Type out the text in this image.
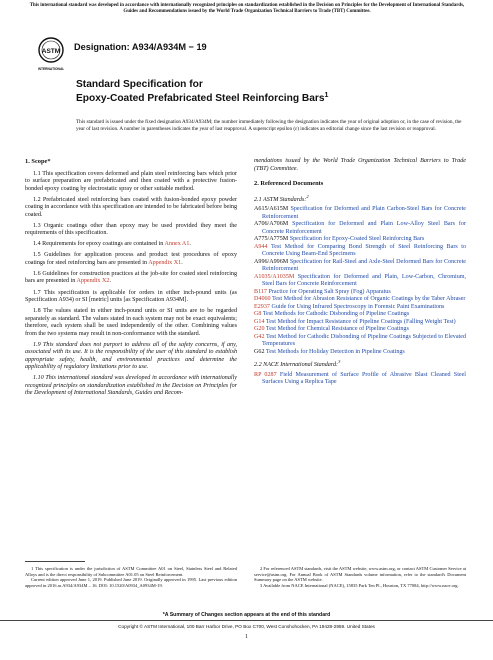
This international standard was developed in accordance with internationally recognized principles on standardization established in the Decision on Principles for the Development of International Standards, Guides and Recommendations issued by the World Trade Organization Technical Barriers to Trade (TBT) Committee.
ASTM
INTERNATIONAL
Designation: A934/A934M − 19
Standard Specification for
Epoxy-Coated Prefabricated Steel Reinforcing Bars$^1$
This standard is issued under the fixed designation A934/A934M; the number immediately following the designation indicates the year of original adoption or, in the case of revision, the year of last revision. A number in parentheses indicates the year of last reapproval. A superscript epsilon (ε) indicates an editorial change since the last revision or reapproval.
1. Scope*

1.1 This specification covers deformed and plain steel reinforcing bars which prior to surface preparation are prefabricated and then coated with a protective fusion-bonded epoxy coating by electrostatic spray or other suitable method.

1.2 Prefabricated steel reinforcing bars coated with fusion-bonded epoxy powder coating in accordance with this specification are intended to be fabricated before being coated.

1.3 Organic coatings other than epoxy may be used provided they meet the requirements of this specification.

1.4 Requirements for epoxy coatings are contained in Annex A1.

1.5 Guidelines for application process and product test procedures of epoxy coatings for steel reinforcing bars are presented in Appendix X1.

1.6 Guidelines for construction practices at the job-site for coated steel reinforcing bars are presented in Appendix X2.

1.7 This specification is applicable for orders in either inch-pound units (as Specification A934) or SI [metric] units [as Specification A934M].

1.8 The values stated in either inch-pound units or SI units are to be regarded separately as standard. The values stated in each system may not be exact equivalents; therefore, each system shall be used independently of the other. Combining values from the two systems may result in non-conformance with the standard.

1.9 This standard does not purport to address all of the safety concerns, if any, associated with its use. It is the responsibility of the user of this standard to establish appropriate safety, health, and environmental practices and determine the applicability of regulatory limitations prior to use.

1.10 This international standard was developed in accordance with internationally recognized principles on standardization established in the Decision on Principles for the Development of International Standards, Guides and Recom-

mendations issued by the World Trade Organization Technical Barriers to Trade (TBT) Committee.

2. Referenced Documents
2.1 ASTM Standards:$^2$
A615/A615M Specification for Deformed and Plain Carbon-Steel Bars for Concrete Reinforcement
A706/A706M Specification for Deformed and Plain Low-Alloy Steel Bars for Concrete Reinforcement
A775/A775M Specification for Epoxy-Coated Steel Reinforcing Bars
A944 Test Method for Comparing Bond Strength of Steel Reinforcing Bars to Concrete Using Beam-End Specimens
A996/A996M Specification for Rail-Steel and Axle-Steel Deformed Bars for Concrete Reinforcement
A1035/A1035M Specification for Deformed and Plain, Low-Carbon, Chromium, Steel Bars for Concrete Reinforcement
B117 Practice for Operating Salt Spray (Fog) Apparatus
D4060 Test Method for Abrasion Resistance of Organic Coatings by the Taber Abraser
E2937 Guide for Using Infrared Spectroscopy in Forensic Paint Examinations
G8 Test Methods for Cathodic Disbonding of Pipeline Coatings
G14 Test Method for Impact Resistance of Pipeline Coatings (Falling Weight Test)
G20 Test Method for Chemical Resistance of Pipeline Coatings
G42 Test Method for Cathodic Disbonding of Pipeline Coatings Subjected to Elevated Temperatures
G62 Test Methods for Holiday Detection in Pipeline Coatings
2.2 NACE International Standard:$^3$
RP 0287 Field Measurement of Surface Profile of Abrasive Blast Cleaned Steel Surfaces Using a Replica Tape
1 This specification is under the jurisdiction of ASTM Committee A01 on Steel, Stainless Steel and Related Alloys and is the direct responsibility of Subcommittee A01.05 on Steel Reinforcement.
Current edition approved June 1, 2019. Published June 2019. Originally approved in 1995. Last previous edition approved in 2016 as A934/A934M – 16. DOI: 10.1520/A0934_A0934M-19.
2 For referenced ASTM standards, visit the ASTM website, www.astm.org, or contact ASTM Customer Service at service@astm.org. For Annual Book of ASTM Standards volume information, refer to the standard's Document Summary page on the ASTM website.
3 Available from NACE International (NACE), 15835 Park Ten Pl., Houston, TX 77084, http://www.nace.org.
*A Summary of Changes section appears at the end of this standard
Copyright © ASTM International, 100 Barr Harbor Drive, PO Box C700, West Conshohocken, PA 19428-2959. United States
1
